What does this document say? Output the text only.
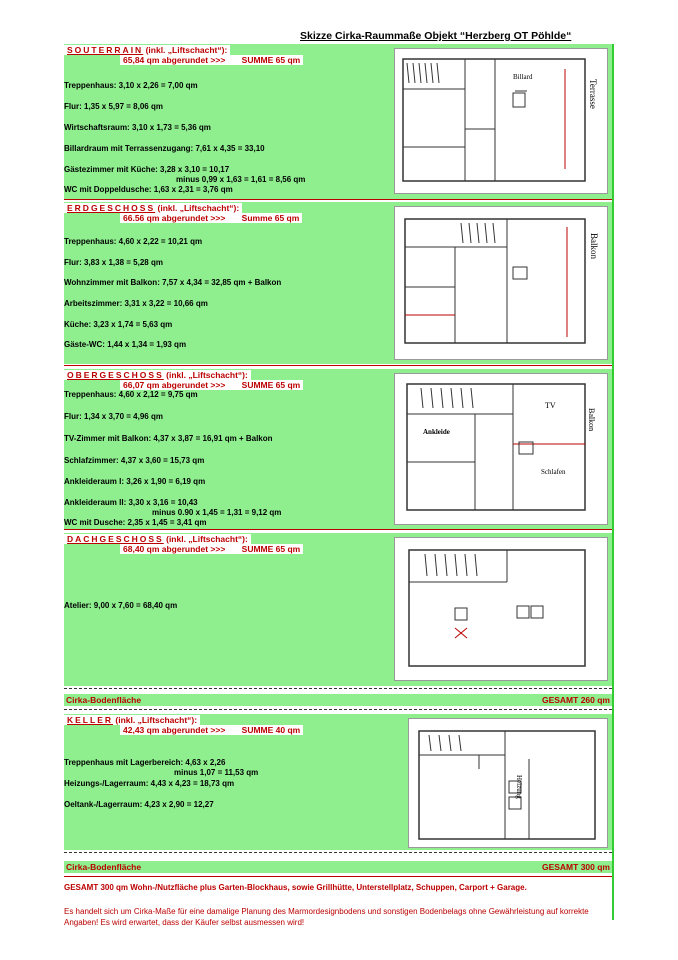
Skizze Cirka-Raummaße Objekt “Herzberg OT Pöhlde“
SOUTERRAIN (inkl. „Liftschacht“):
65,84 qm abgerundet >>> SUMME 65 qm
Treppenhaus: 3,10 x 2,26 = 7,00 qm
Flur: 1,35 x 5,97 = 8,06 qm
Wirtschaftsraum: 3,10 x 1,73 = 5,36 qm
Billardraum mit Terrassenzugang: 7,61 x 4,35 = 33,10
Gästezimmer mit Küche: 3,28 x 3,10 = 10,17
minus 0,99 x 1,63 = 1,61 = 8,56 qm
WC mit Doppeldusche: 1,63 x 2,31 = 3,76 qm
Terrasse
Billard
ERDGESCHOSS (inkl. „Liftschacht“):
66.56 qm abgerundet >>> Summe 65 qm
Treppenhaus: 4,60 x 2,22 = 10,21 qm
Flur: 3,83 x 1,38 = 5,28 qm
Wohnzimmer mit Balkon: 7,57 x 4,34 = 32,85 qm + Balkon
Arbeitszimmer: 3,31 x 3,22 = 10,66 qm
Küche: 3,23 x 1,74 = 5,63 qm
Gäste-WC: 1,44 x 1,34 = 1,93 qm
Balkon
OBERGESCHOSS (inkl. „Liftschacht“):
66,07 qm abgerundet >>> SUMME 65 qm
Treppenhaus: 4,60 x 2,12 = 9,75 qm
Flur: 1,34 x 3,70 = 4,96 qm
TV-Zimmer mit Balkon: 4,37 x 3,87 = 16,91 qm + Balkon
Schlafzimmer: 4,37 x 3,60 = 15,73 qm
Ankleideraum I: 3,26 x 1,90 = 6,19 qm
Ankleideraum II: 3,30 x 3,16 = 10,43
minus 0.90 x 1,45 = 1,31 = 9,12 qm
WC mit Dusche: 2,35 x 1,45 = 3,41 qm
TV
Ankleide
Schlafen
Balkon
DACHGESCHOSS (inkl. „Liftschacht“):
68,40 qm abgerundet >>> SUMME 65 qm
Atelier: 9,00 x 7,60 = 68,40 qm
Cirka-Bodenfläche	GESAMT 260 qm
KELLER (inkl. „Liftschacht“):
42,43 qm abgerundet >>> SUMME 40 qm
Treppenhaus mit Lagerbereich: 4,63 x 2,26
minus 1,07 = 11,53 qm
Heizungs-/Lagerraum: 4,43 x 4,23 = 18,73 qm
Oeltank-/Lagerraum: 4,23 x 2,90 = 12,27
Heizung
Cirka-Bodenfläche	GESAMT 300 qm
GESAMT 300 qm Wohn-/Nutzfläche plus Garten-Blockhaus, sowie Grillhütte, Unterstellplatz, Schuppen, Carport + Garage.
Es handelt sich um Cirka-Maße für eine damalige Planung des Marmordesignbodens und sonstigen Bodenbelags ohne Gewährleistung auf korrekte Angaben! Es wird erwartet, dass der Käufer selbst ausmessen wird!
